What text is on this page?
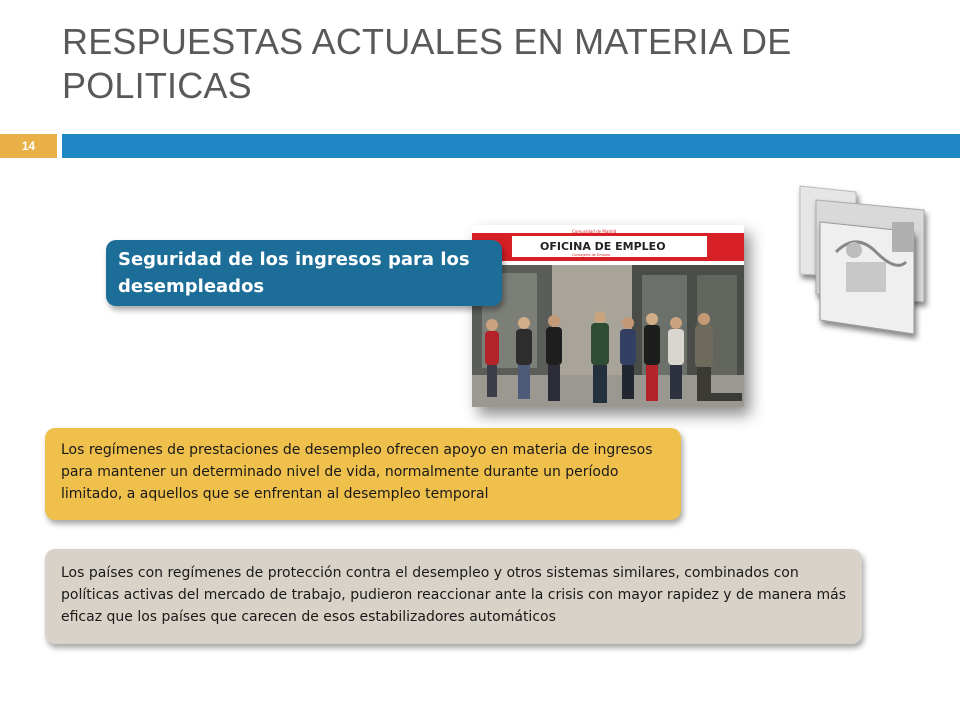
RESPUESTAS ACTUALES EN MATERIA DE POLITICAS
14
Comunidad de Madrid
OFICINA DE EMPLEO
Consejería de Empleo
Seguridad de los ingresos para los desempleados
Los regímenes de prestaciones de desempleo ofrecen apoyo en materia de ingresos para mantener un determinado nivel de vida, normalmente durante un período limitado, a aquellos que se enfrentan al desempleo temporal
Los países con regímenes de protección contra el desempleo y otros sistemas similares, combinados con políticas activas del mercado de trabajo, pudieron reaccionar ante la crisis con mayor rapidez y de manera más eficaz que los países que carecen de esos estabilizadores automáticos
